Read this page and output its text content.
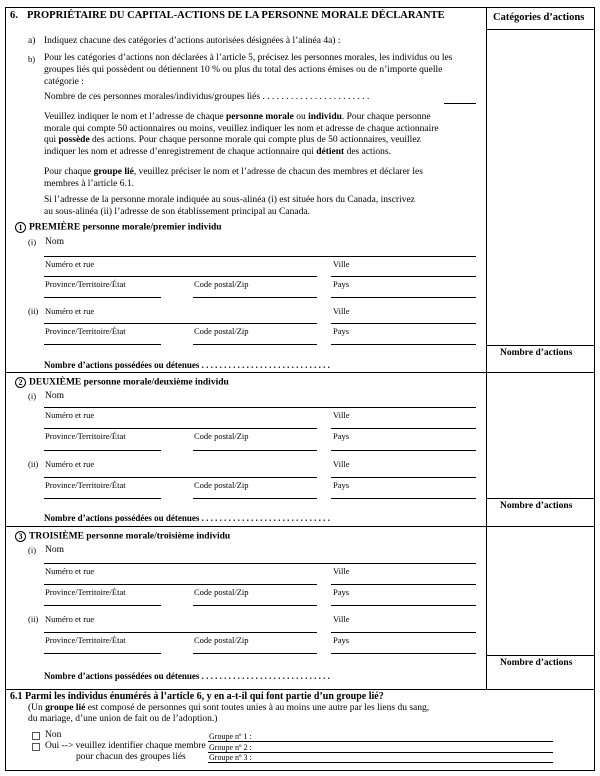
6. PROPRIÉTAIRE DU CAPITAL-ACTIONS DE LA PERSONNE MORALE DÉCLARANTE	Catégories d’actions
a) Indiquez chacune des catégories d’actions autorisées désignées à l’alinéa 4a) :
b) Pour les catégories d’actions non déclarées à l’article 5, précisez les personnes morales, les individus ou les
groupes liés qui possèdent ou détiennent 10 % ou plus du total des actions émises ou de n’importe quelle
catégorie :
Nombre de ces personnes morales/individus/groupes liés . . . . . . . . . . . . . . . . . . . . . . .
Veuillez indiquer le nom et l’adresse de chaque personne morale ou individu. Pour chaque personne
morale qui compte 50 actionnaires ou moins, veuillez indiquer les nom et adresse de chaque actionnaire
qui possède des actions. Pour chaque personne morale qui compte plus de 50 actionnaires, veuillez
indiquer les nom et adresse d’enregistrement de chaque actionnaire qui détient des actions.
Pour chaque groupe lié, veuillez préciser le nom et l’adresse de chacun des membres et déclarer les
membres à l’article 6.1.
Si l’adresse de la personne morale indiquée au sous-alinéa (i) est située hors du Canada, inscrivez
au sous-alinéa (ii) l’adresse de son établissement principal au Canada.
1 PREMIÈRE personne morale/premier individu
(i) Nom
Numéro et rue	Ville
Province/Territoire/État	Code postal/Zip	Pays
(ii) Numéro et rue	Ville
Province/Territoire/État	Code postal/Zip	Pays
Nombre d’actions possédées ou détenues . . . . . . . . . . . . . . . . . . . . . . . . . . . . .
Nombre d’actions
2 DEUXIÈME personne morale/deuxième individu
(i) Nom
Numéro et rue	Ville
Province/Territoire/État	Code postal/Zip	Pays
(ii) Numéro et rue	Ville
Province/Territoire/État	Code postal/Zip	Pays
Nombre d’actions possédées ou détenues . . . . . . . . . . . . . . . . . . . . . . . . . . . . .
Nombre d’actions
3 TROISIÈME personne morale/troisième individu
(i) Nom
Numéro et rue	Ville
Province/Territoire/État	Code postal/Zip	Pays
(ii) Numéro et rue	Ville
Province/Territoire/État	Code postal/Zip	Pays
Nombre d’actions possédées ou détenues . . . . . . . . . . . . . . . . . . . . . . . . . . . . .
Nombre d’actions
6.1 Parmi les individus énumérés à l’article 6, y en a-t-il qui font partie d’un groupe lié?
(Un groupe lié est composé de personnes qui sont toutes unies à au moins une autre par les liens du sang,
du mariage, d’une union de fait ou de l’adoption.)
Non
Oui --> veuillez identifier chaque membre
pour chacun des groupes liés
Groupe nº 1 :
Groupe nº 2 :
Groupe nº 3 :
